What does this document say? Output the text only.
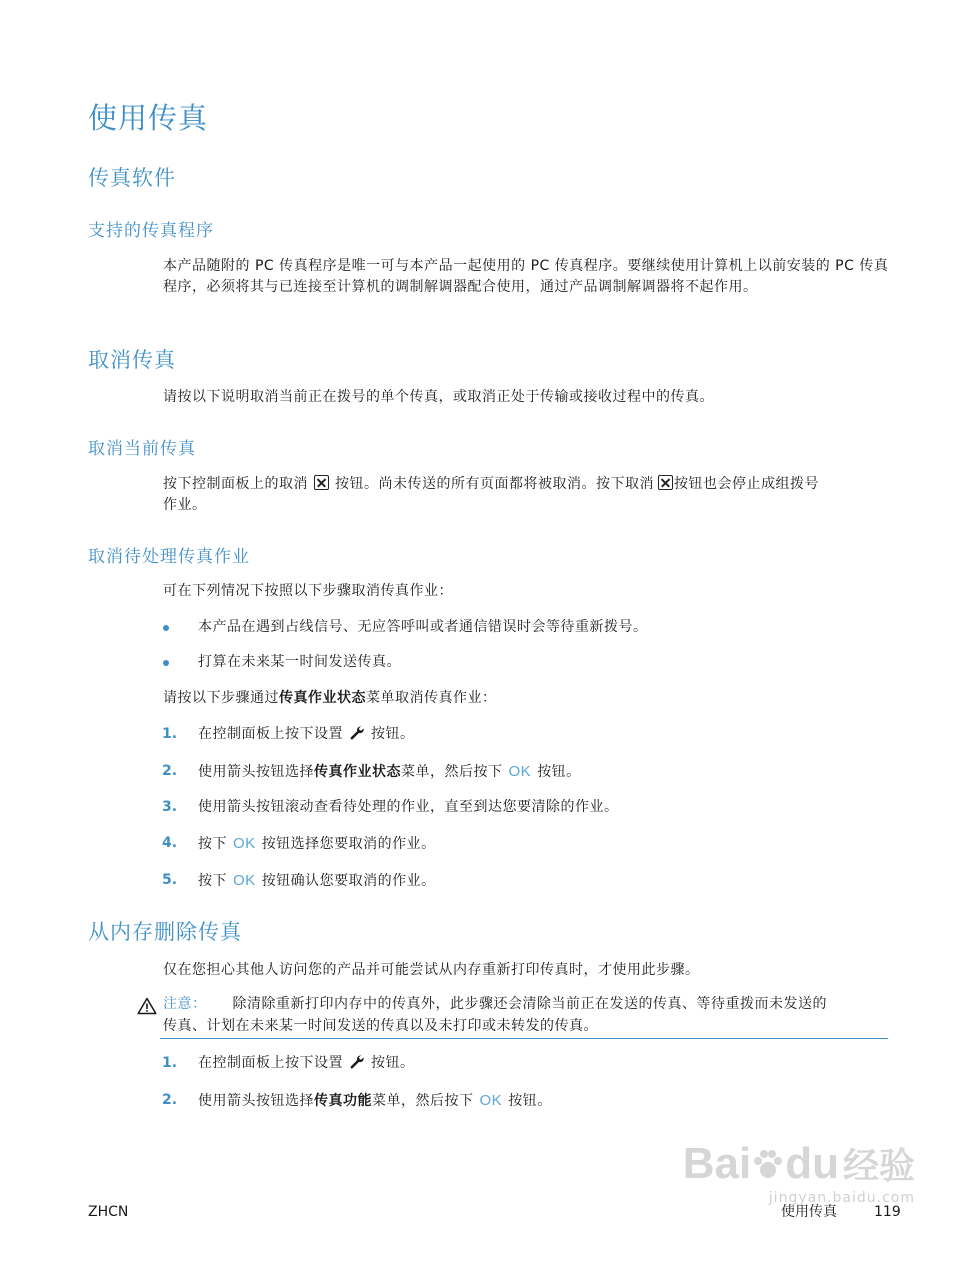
使用传真
传真软件
支持的传真程序
本产品随附的 PC 传真程序是唯一可与本产品一起使用的 PC 传真程序。要继续使用计算机上以前安装的 PC 传真程序，必须将其与已连接至计算机的调制解调器配合使用，通过产品调制解调器将不起作用。
取消传真
请按以下说明取消当前正在拨号的单个传真，或取消正处于传输或接收过程中的传真。
取消当前传真
按下控制面板上的取消 按钮。尚未传送的所有页面都将被取消。按下取消 按钮也会停止成组拨号
作业。
取消待处理传真作业
可在下列情况下按照以下步骤取消传真作业：
本产品在遇到占线信号、无应答呼叫或者通信错误时会等待重新拨号。
打算在未来某一时间发送传真。
请按以下步骤通过传真作业状态菜单取消传真作业：
1. 在控制面板上按下设置 按钮。
2. 使用箭头按钮选择传真作业状态菜单，然后按下 OK 按钮。
3. 使用箭头按钮滚动查看待处理的作业，直至到达您要清除的作业。
4. 按下 OK 按钮选择您要取消的作业。
5. 按下 OK 按钮确认您要取消的作业。
从内存删除传真
仅在您担心其他人访问您的产品并可能尝试从内存重新打印传真时，才使用此步骤。
注意： 除清除重新打印内存中的传真外，此步骤还会清除当前正在发送的传真、等待重拨而未发送的
传真、计划在未来某一时间发送的传真以及未打印或未转发的传真。
1. 在控制面板上按下设置 按钮。
2. 使用箭头按钮选择传真功能菜单，然后按下 OK 按钮。
Bai du 经验
jingyan.baidu.com
ZHCN	使用传真	119
